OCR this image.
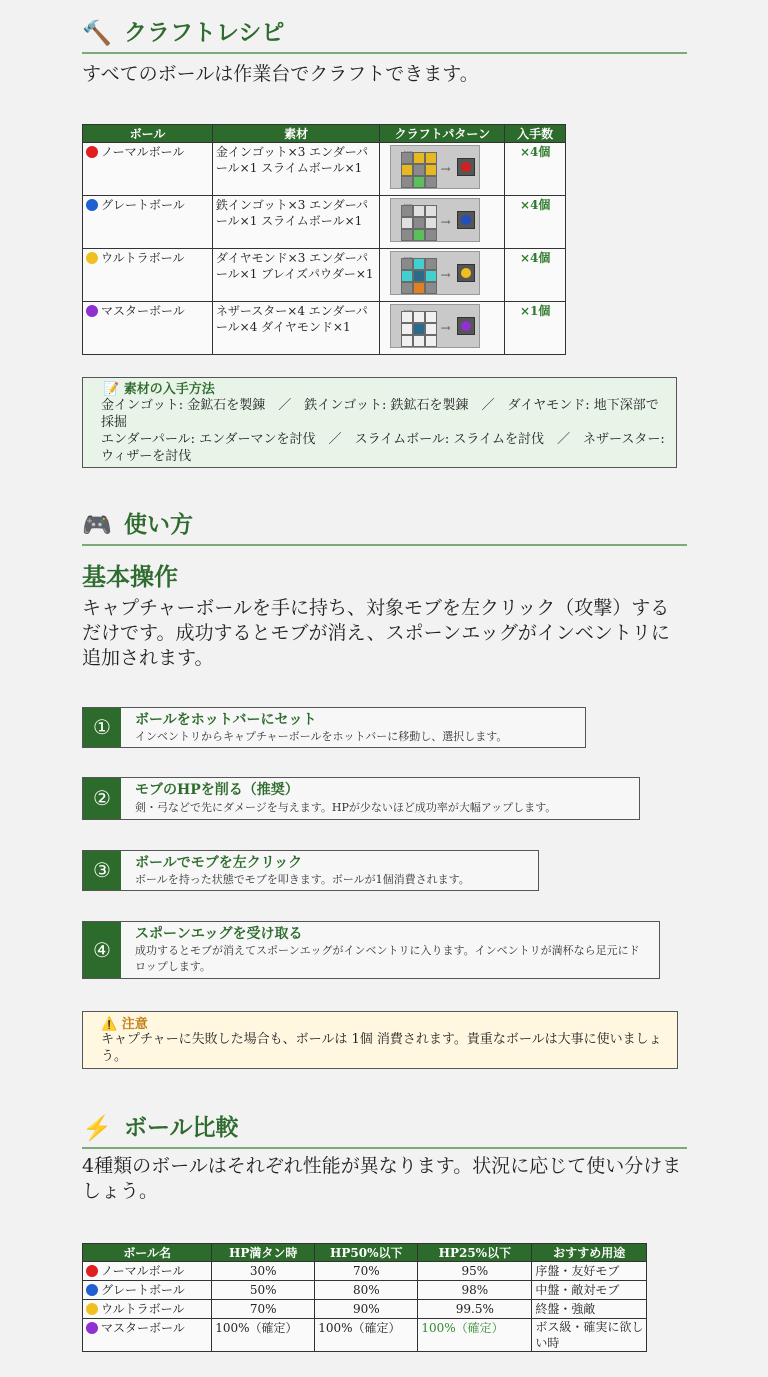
🔨 クラフトレシピ
すべてのボールは作業台でクラフトできます。
ボール	素材	クラフトパターン	入手数
ノーマルボール	金インゴット×3 エンダーパール×1 スライムボール×1	→	×4個
グレートボール	鉄インゴット×3 エンダーパール×1 スライムボール×1	→	×4個
ウルトラボール	ダイヤモンド×3 エンダーパール×1 ブレイズパウダー×1	→	×4個
マスターボール	ネザースター×4 エンダーパール×4 ダイヤモンド×1	→	×1個
📝 素材の入手方法
金インゴット: 金鉱石を製錬　／　鉄インゴット: 鉄鉱石を製錬　／　ダイヤモンド: 地下深部で採掘
エンダーパール: エンダーマンを討伐　／　スライムボール: スライムを討伐　／　ネザースター: ウィザーを討伐
🎮 使い方
基本操作
キャプチャーボールを手に持ち、対象モブを左クリック（攻撃）するだけです。成功するとモブが消え、スポーンエッグがインベントリに追加されます。
①	ボールをホットバーにセット
インベントリからキャプチャーボールをホットバーに移動し、選択します。
②	モブのHPを削る（推奨）
剣・弓などで先にダメージを与えます。HPが少ないほど成功率が大幅アップします。
③	ボールでモブを左クリック
ボールを持った状態でモブを叩きます。ボールが1個消費されます。
④
スポーンエッグを受け取る
成功するとモブが消えてスポーンエッグがインベントリに入ります。インベントリが満杯なら足元にドロップします。
⚠️ 注意
キャプチャーに失敗した場合も、ボールは 1個 消費されます。貴重なボールは大事に使いましょう。
⚡ ボール比較
4種類のボールはそれぞれ性能が異なります。状況に応じて使い分けましょう。
ボール名	HP満タン時	HP50%以下	HP25%以下	おすすめ用途
ノーマルボール	30%	70%	95%	序盤・友好モブ
グレートボール	50%	80%	98%	中盤・敵対モブ
ウルトラボール	70%	90%	99.5%	終盤・強敵
マスターボール	100%（確定）	100%（確定）	100%（確定）	ボス級・確実に欲しい時
